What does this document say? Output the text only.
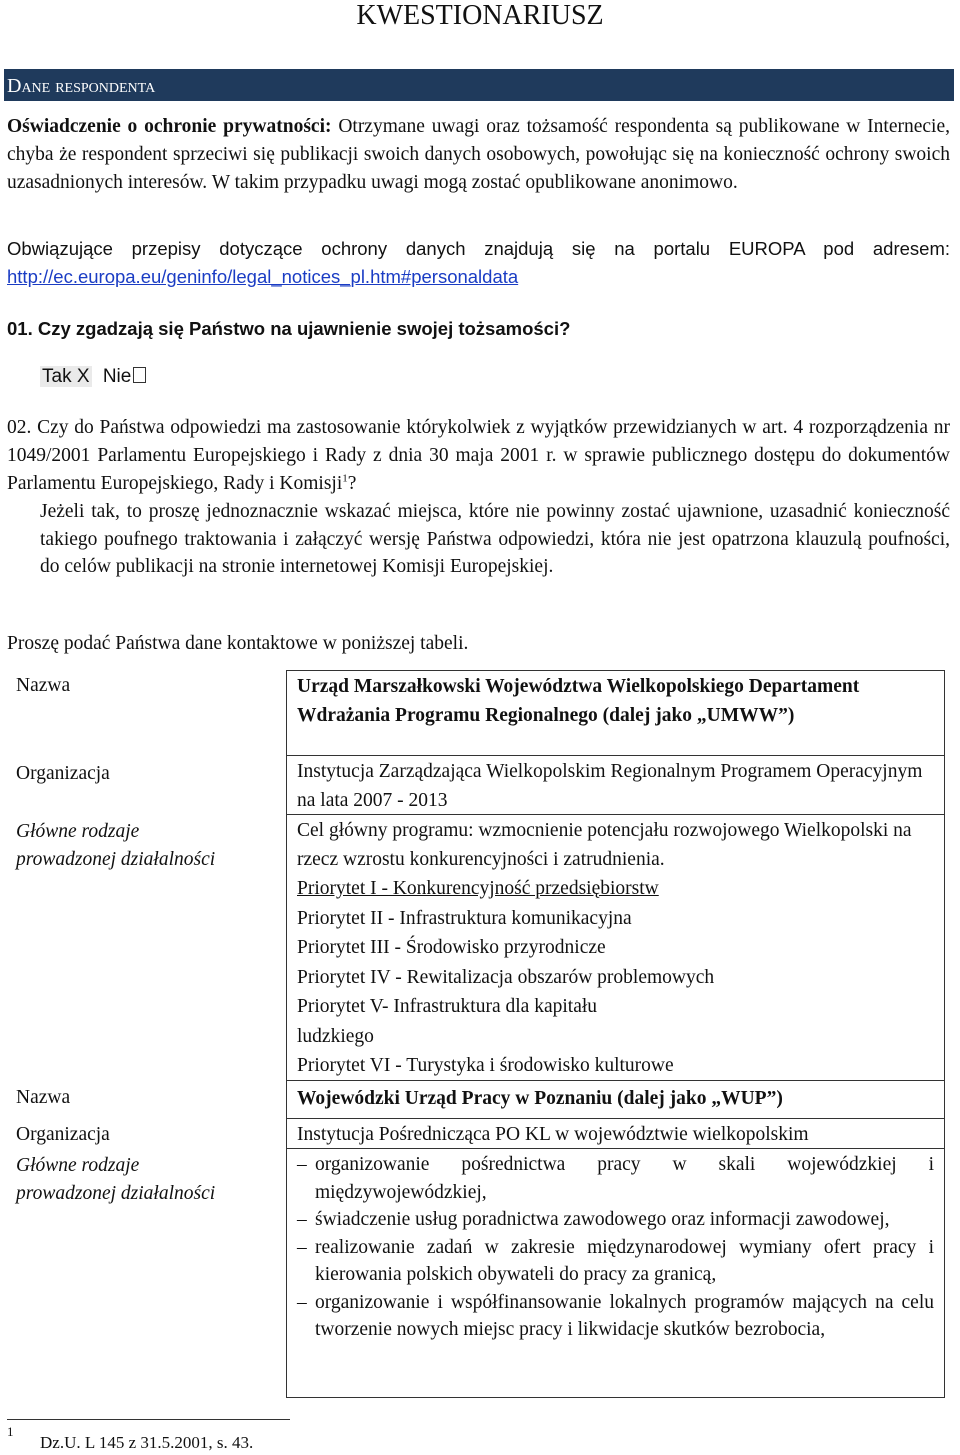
KWESTIONARIUSZ
Dane respondenta
Oświadczenie o ochronie prywatności: Otrzymane uwagi oraz tożsamość respondenta są publikowane w Internecie, chyba że respondent sprzeciwi się publikacji swoich danych osobowych, powołując się na konieczność ochrony swoich uzasadnionych interesów. W takim przypadku uwagi mogą zostać opublikowane anonimowo.
Obwiązujące przepisy dotyczące ochrony danych znajdują się na portalu EUROPA pod adresem: http://ec.europa.eu/geninfo/legal_notices_pl.htm#personaldata
01. Czy zgadzają się Państwo na ujawnienie swojej tożsamości?
Tak X Nie
02. Czy do Państwa odpowiedzi ma zastosowanie którykolwiek z wyjątków przewidzianych w art. 4 rozporządzenia nr 1049/2001 Parlamentu Europejskiego i Rady z dnia 30 maja 2001 r. w sprawie publicznego dostępu do dokumentów Parlamentu Europejskiego, Rady i Komisji$^1$?
Jeżeli tak, to proszę jednoznacznie wskazać miejsca, które nie powinny zostać ujawnione, uzasadnić konieczność takiego poufnego traktowania i załączyć wersję Państwa odpowiedzi, która nie jest opatrzona klauzulą poufności, do celów publikacji na stronie internetowej Komisji Europejskiej.
Proszę podać Państwa dane kontaktowe w poniższej tabeli.
Nazwa
Organizacja
Główne rodzaje
prowadzonej działalności
Nazwa
Organizacja
Główne rodzaje
prowadzonej działalności
Urząd Marszałkowski Województwa Wielkopolskiego Departament Wdrażania Programu Regionalnego (dalej jako „UMWW”)
Instytucja Zarządzająca Wielkopolskim Regionalnym Programem Operacyjnym na lata 2007 - 2013
Cel główny programu: wzmocnienie potencjału rozwojowego Wielkopolski na rzecz wzrostu konkurencyjności i zatrudnienia.
Priorytet I - Konkurencyjność przedsiębiorstw
Priorytet II - Infrastruktura komunikacyjna
Priorytet III - Środowisko przyrodnicze
Priorytet IV - Rewitalizacja obszarów problemowych
Priorytet V- Infrastruktura dla kapitału
ludzkiego
Priorytet VI - Turystyka i środowisko kulturowe
Wojewódzki Urząd Pracy w Poznaniu (dalej jako „WUP”)
Instytucja Pośrednicząca PO KL w województwie wielkopolskim
– organizowanie pośrednictwa pracy w skali wojewódzkiej i międzywojewódzkiej,
– świadczenie usług poradnictwa zawodowego oraz informacji zawodowej,
– realizowanie zadań w zakresie międzynarodowej wymiany ofert pracy i kierowania polskich obywateli do pracy za granicą,
– organizowanie i współfinansowanie lokalnych programów mających na celu tworzenie nowych miejsc pracy i likwidacje skutków bezrobocia,
1
Dz.U. L 145 z 31.5.2001, s. 43.
